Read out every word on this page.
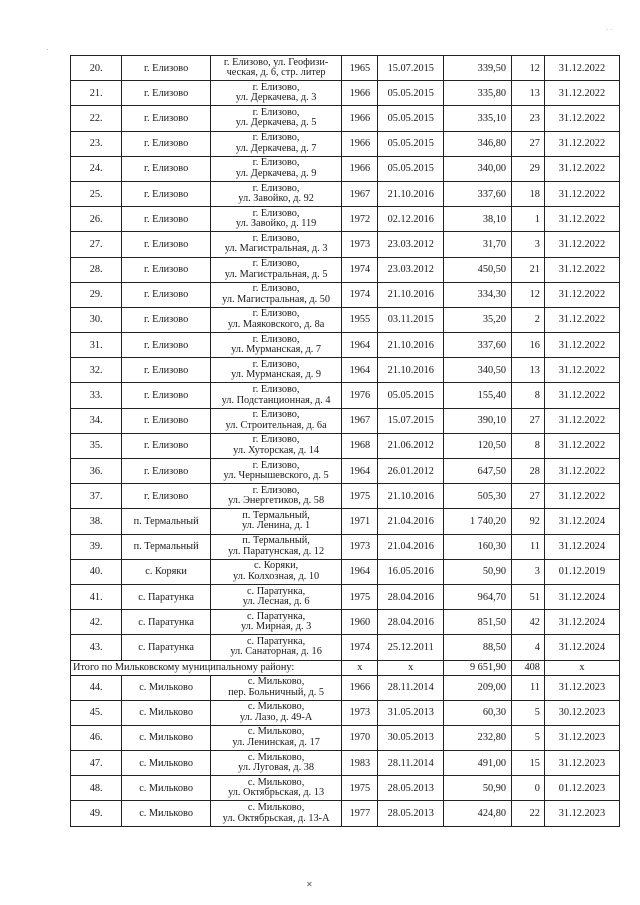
·
· ·
20.	г. Елизово	г. Елизово, ул. Геофизи-
ческая, д. 6, стр. литер	1965	15.07.2015	339,50	12	31.12.2022
21.	г. Елизово	г. Елизово,
ул. Деркачева, д. 3	1966	05.05.2015	335,80	13	31.12.2022
22.	г. Елизово	г. Елизово,
ул. Деркачева, д. 5	1966	05.05.2015	335,10	23	31.12.2022
23.	г. Елизово	г. Елизово,
ул. Деркачева, д. 7	1966	05.05.2015	346,80	27	31.12.2022
24.	г. Елизово	г. Елизово,
ул. Деркачева, д. 9	1966	05.05.2015	340,00	29	31.12.2022
25.	г. Елизово	г. Елизово,
ул. Завойко, д. 92	1967	21.10.2016	337,60	18	31.12.2022
26.	г. Елизово	г. Елизово,
ул. Завойко, д. 119	1972	02.12.2016	38,10	1	31.12.2022
27.	г. Елизово	г. Елизово,
ул. Магистральная, д. 3	1973	23.03.2012	31,70	3	31.12.2022
28.	г. Елизово	г. Елизово,
ул. Магистральная, д. 5	1974	23.03.2012	450,50	21	31.12.2022
29.	г. Елизово	г. Елизово,
ул. Магистральная, д. 50	1974	21.10.2016	334,30	12	31.12.2022
30.	г. Елизово	г. Елизово,
ул. Маяковского, д. 8а	1955	03.11.2015	35,20	2	31.12.2022
31.	г. Елизово	г. Елизово,
ул. Мурманская, д. 7	1964	21.10.2016	337,60	16	31.12.2022
32.	г. Елизово	г. Елизово,
ул. Мурманская, д. 9	1964	21.10.2016	340,50	13	31.12.2022
33.	г. Елизово	г. Елизово,
ул. Подстанционная, д. 4	1976	05.05.2015	155,40	8	31.12.2022
34.	г. Елизово	г. Елизово,
ул. Строительная, д. 6а	1967	15.07.2015	390,10	27	31.12.2022
35.	г. Елизово	г. Елизово,
ул. Хуторская, д. 14	1968	21.06.2012	120,50	8	31.12.2022
36.	г. Елизово	г. Елизово,
ул. Чернышевского, д. 5	1964	26.01.2012	647,50	28	31.12.2022
37.	г. Елизово	г. Елизово,
ул. Энергетиков, д. 58	1975	21.10.2016	505,30	27	31.12.2022
38.	п. Термальный	п. Термальный,
ул. Ленина, д. 1	1971	21.04.2016	1 740,20	92	31.12.2024
39.	п. Термальный	п. Термальный,
ул. Паратунская, д. 12	1973	21.04.2016	160,30	11	31.12.2024
40.	с. Коряки	с. Коряки,
ул. Колхозная, д. 10	1964	16.05.2016	50,90	3	01.12.2019
41.	с. Паратунка	с. Паратунка,
ул. Лесная, д. 6	1975	28.04.2016	964,70	51	31.12.2024
42.	с. Паратунка	с. Паратунка,
ул. Мирная, д. 3	1960	28.04.2016	851,50	42	31.12.2024
43.	с. Паратунка	с. Паратунка,
ул. Санаторная, д. 16	1974	25.12.2011	88,50	4	31.12.2024
Итого по Мильковскому муниципальному району:			х	х	9 651,90	408	х
44.	с. Мильково	с. Мильково,
пер. Больничный, д. 5	1966	28.11.2014	209,00	11	31.12.2023
45.	с. Мильково	с. Мильково,
ул. Лазо, д. 49-А	1973	31.05.2013	60,30	5	30.12.2023
46.	с. Мильково	с. Мильково,
ул. Ленинская, д. 17	1970	30.05.2013	232,80	5	31.12.2023
47.	с. Мильково	с. Мильково,
ул. Луговая, д. 38	1983	28.11.2014	491,00	15	31.12.2023
48.	с. Мильково	с. Мильково,
ул. Октябрьская, д. 13	1975	28.05.2013	50,90	0	01.12.2023
49.	с. Мильково	с. Мильково,
ул. Октябрьская, д. 13-А	1977	28.05.2013	424,80	22	31.12.2023
✕
